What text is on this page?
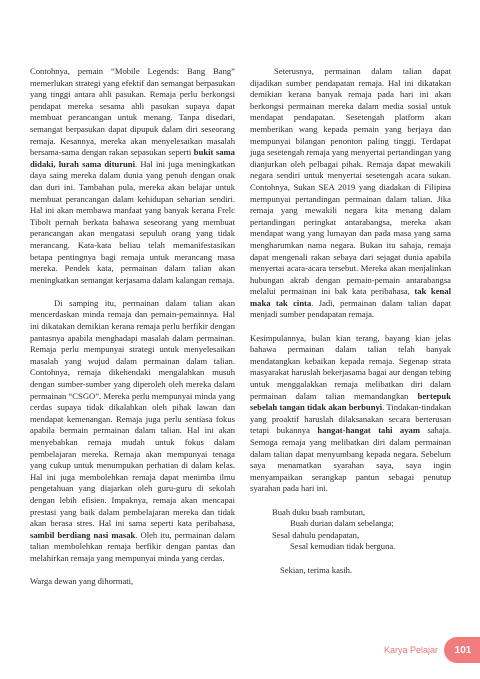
Contohnya, pemain “Mobile Legends: Bang Bang” memerlukan strategi yang efektif dan semangat berpasukan yang tinggi antara ahli pasukan. Remaja perlu berkongsi pendapat mereka sesama ahli pasukan supaya dapat membuat perancangan untuk menang. Tanpa disedari, semangat berpasukan dapat dipupuk dalam diri seseorang remaja. Kesannya, mereka akan menyelesaikan masalah bersama-sama dengan rakan sepasukan seperti bukit sama didaki, lurah sama dituruni. Hal ini juga meningkatkan daya saing mereka dalam dunia yang penuh dengan onak dan duri ini. Tambahan pula, mereka akan belajar untuk membuat perancangan dalam kehidupan seharian sendiri. Hal ini akan membawa manfaat yang banyak kerana Frelc Tibolt pernah berkata bahawa seseorang yang membuat perancangan akan mengatasi sepuluh orang yang tidak merancang. Kata-kata beliau telah memanifestasikan betapa pentingnya bagi remaja untuk merancang masa mereka. Pendek kata, permainan dalam talian akan meningkatkan semangat kerjasama dalam kalangan remaja.

Di samping itu, permainan dalam talian akan mencerdaskan minda remaja dan pemain-pemainnya. Hal ini dikatakan demikian kerana remaja perlu berfikir dengan pantasnya apabila menghadapi masalah dalam permainan. Remaja perlu mempunyai strategi untuk menyelesaikan masalah yang wujud dalam permainan dalam talian. Contohnya, remaja dikehendaki mengalahkan musuh dengan sumber-sumber yang diperoleh oleh mereka dalam permainan “CSGO”. Mereka perlu mempunyai minda yang cerdas supaya tidak dikalahkan oleh pihak lawan dan mendapat kemenangan. Remaja juga perlu sentiasa fokus apabila bermain permainan dalam talian. Hal ini akan menyebabkan remaja mudah untuk fokus dalam pembelajaran mereka. Remaja akan mempunyai tenaga yang cukup untuk menumpukan perhatian di dalam kelas. Hal ini juga membolehkan remaja dapat menimba ilmu pengetahuan yang diajarkan oleh guru-guru di sekolah dengan lebih efisien. Impaknya, remaja akan mencapai prestasi yang baik dalam pembelajaran mereka dan tidak akan berasa stres. Hal ini sama seperti kata peribahasa, sambil berdiang nasi masak. Oleh itu, permainan dalam talian membolehkan remaja berfikir dengan pantas dan melahirkan remaja yang mempunyai minda yang cerdas.

Warga dewan yang dihormati,

Seterusnya, permainan dalam talian dapat dijadikan sumber pendapatan remaja. Hal ini dikatakan demikian kerana banyak remaja pada hari ini akan berkongsi permainan mereka dalam media sosial untuk mendapat pendapatan. Sesetengah platform akan memberikan wang kepada pemain yang berjaya dan mempunyai bilangan penonton paling tinggi. Terdapat juga sesetengah remaja yang menyertai pertandingan yang dianjurkan oleh pelbagai pihak. Remaja dapat mewakili negara sendiri untuk menyertai sesetengah acara sukan. Contohnya, Sukan SEA 2019 yang diadakan di Filipina mempunyai pertandingan permainan dalam talian. Jika remaja yang mewakili negara kita menang dalam pertandingan peringkat antarabangsa, mereka akan mendapat wang yang lumayan dan pada masa yang sama mengharumkan nama negara. Bukan itu sahaja, remaja dapat mengenali rakan sebaya dari sejagat dunia apabila menyertai acara-acara tersebut. Mereka akan menjalinkan hubungan akrab dengan pemain-pemain antarabangsa melalui permainan ini bak kata peribahasa, tak kenal maka tak cinta. Jadi, permainan dalam talian dapat menjadi sumber pendapatan remaja.

Kesimpulannya, bulan kian terang, bayang kian jelas bahawa permainan dalam talian telah banyak mendatangkan kebaikan kepada remaja. Segenap strata masyarakat haruslah bekerjasama bagai aur dengan tebing untuk menggalakkan remaja melibatkan diri dalam permainan dalam talian memandangkan bertepuk sebelah tangan tidak akan berbunyi. Tindakan-tindakan yang proaktif haruslah dilaksanakan secara berterusan tetapi bukannya hangat-hangat tahi ayam sahaja. Semoga remaja yang melibatkan diri dalam permainan dalam talian dapat menyumbang kepada negara. Sebelum saya menamatkan syarahan saya, saya ingin menyampaikan serangkap pantun sebagai penutup syarahan pada hari ini.

Buah duku buah rambutan,
Buah durian dalam sebelanga;
Sesal dahulu pendapatan,
Sesal kemudian tidak berguna.

Sekian, terima kasih.

Karya Pelajar	101
